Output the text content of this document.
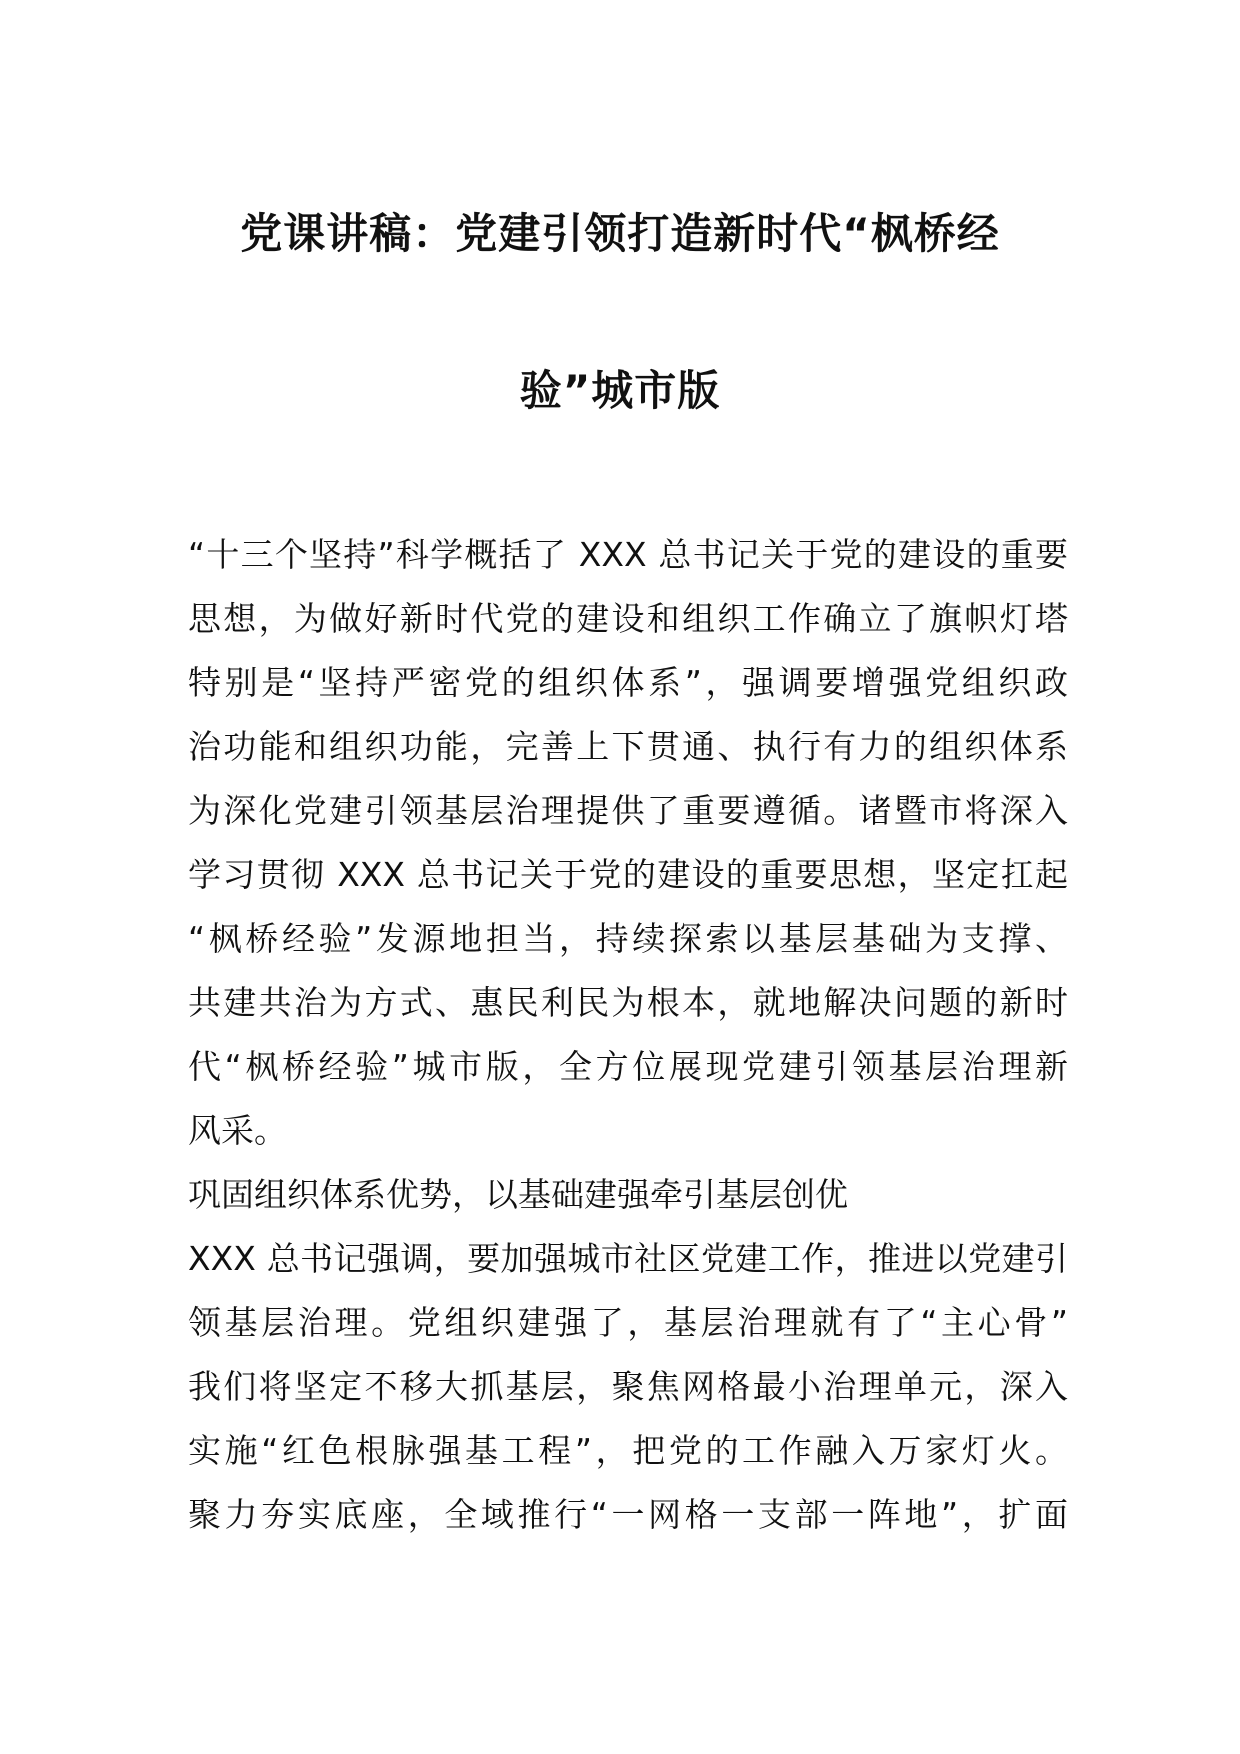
党课讲稿：党建引领打造新时代“枫桥经
验”城市版
“十三个坚持”科学概括了 XXX 总书记关于党的建设的重要
思想，为做好新时代党的建设和组织工作确立了旗帜灯塔
特别是“坚持严密党的组织体系”，强调要增强党组织政
治功能和组织功能，完善上下贯通、执行有力的组织体系
为深化党建引领基层治理提供了重要遵循。诸暨市将深入
学习贯彻 XXX 总书记关于党的建设的重要思想，坚定扛起
“枫桥经验”发源地担当，持续探索以基层基础为支撑、
共建共治为方式、惠民利民为根本，就地解决问题的新时
代“枫桥经验”城市版，全方位展现党建引领基层治理新
风采。
巩固组织体系优势，以基础建强牵引基层创优
XXX 总书记强调，要加强城市社区党建工作，推进以党建引
领基层治理。党组织建强了，基层治理就有了“主心骨”
我们将坚定不移大抓基层，聚焦网格最小治理单元，深入
实施“红色根脉强基工程”，把党的工作融入万家灯火。
聚力夯实底座，全域推行“一网格一支部一阵地”，扩面
